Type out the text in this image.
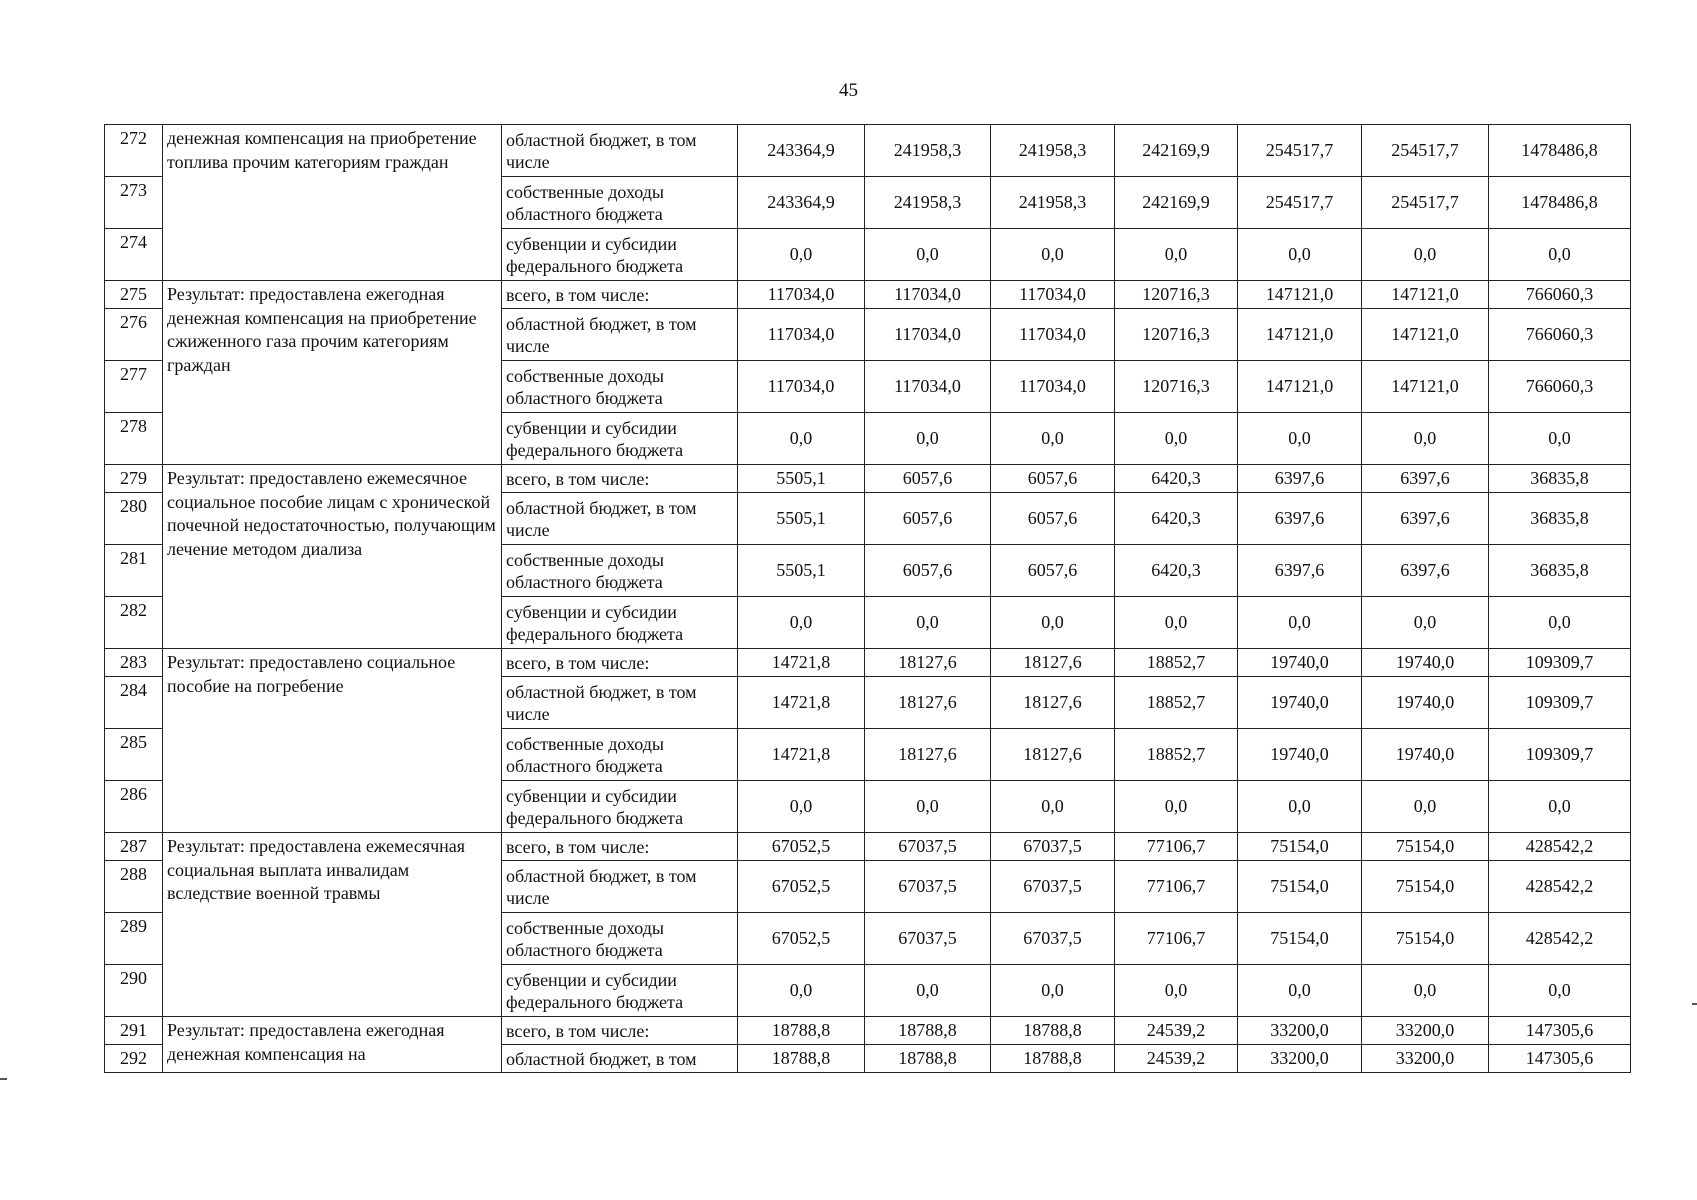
45
272	денежная компенсация на приобретение топлива прочим категориям граждан	областной бюджет, в том числе	243364,9	241958,3	241958,3	242169,9	254517,7	254517,7	1478486,8
273		собственные доходы областного бюджета	243364,9	241958,3	241958,3	242169,9	254517,7	254517,7	1478486,8
274		субвенции и субсидии федерального бюджета	0,0	0,0	0,0	0,0	0,0	0,0	0,0
275	Результат: предоставлена ежегодная денежная компенсация на приобретение сжиженного газа прочим категориям граждан	всего, в том числе:	117034,0	117034,0	117034,0	120716,3	147121,0	147121,0	766060,3
276		областной бюджет, в том числе	117034,0	117034,0	117034,0	120716,3	147121,0	147121,0	766060,3
277		собственные доходы областного бюджета	117034,0	117034,0	117034,0	120716,3	147121,0	147121,0	766060,3
278		субвенции и субсидии федерального бюджета	0,0	0,0	0,0	0,0	0,0	0,0	0,0
279	Результат: предоставлено ежемесячное социальное пособие лицам с хронической почечной недостаточностью, получающим лечение методом диализа	всего, в том числе:	5505,1	6057,6	6057,6	6420,3	6397,6	6397,6	36835,8
280		областной бюджет, в том числе	5505,1	6057,6	6057,6	6420,3	6397,6	6397,6	36835,8
281		собственные доходы областного бюджета	5505,1	6057,6	6057,6	6420,3	6397,6	6397,6	36835,8
282		субвенции и субсидии федерального бюджета	0,0	0,0	0,0	0,0	0,0	0,0	0,0
283	Результат: предоставлено социальное пособие на погребение	всего, в том числе:	14721,8	18127,6	18127,6	18852,7	19740,0	19740,0	109309,7
284		областной бюджет, в том числе	14721,8	18127,6	18127,6	18852,7	19740,0	19740,0	109309,7
285		собственные доходы областного бюджета	14721,8	18127,6	18127,6	18852,7	19740,0	19740,0	109309,7
286		субвенции и субсидии федерального бюджета	0,0	0,0	0,0	0,0	0,0	0,0	0,0
287	Результат: предоставлена ежемесячная социальная выплата инвалидам вследствие военной травмы	всего, в том числе:	67052,5	67037,5	67037,5	77106,7	75154,0	75154,0	428542,2
288		областной бюджет, в том числе	67052,5	67037,5	67037,5	77106,7	75154,0	75154,0	428542,2
289		собственные доходы областного бюджета	67052,5	67037,5	67037,5	77106,7	75154,0	75154,0	428542,2
290		субвенции и субсидии федерального бюджета	0,0	0,0	0,0	0,0	0,0	0,0	0,0
291	Результат: предоставлена ежегодная денежная компенсация на	всего, в том числе:	18788,8	18788,8	18788,8	24539,2	33200,0	33200,0	147305,6
292		областной бюджет, в том	18788,8	18788,8	18788,8	24539,2	33200,0	33200,0	147305,6
